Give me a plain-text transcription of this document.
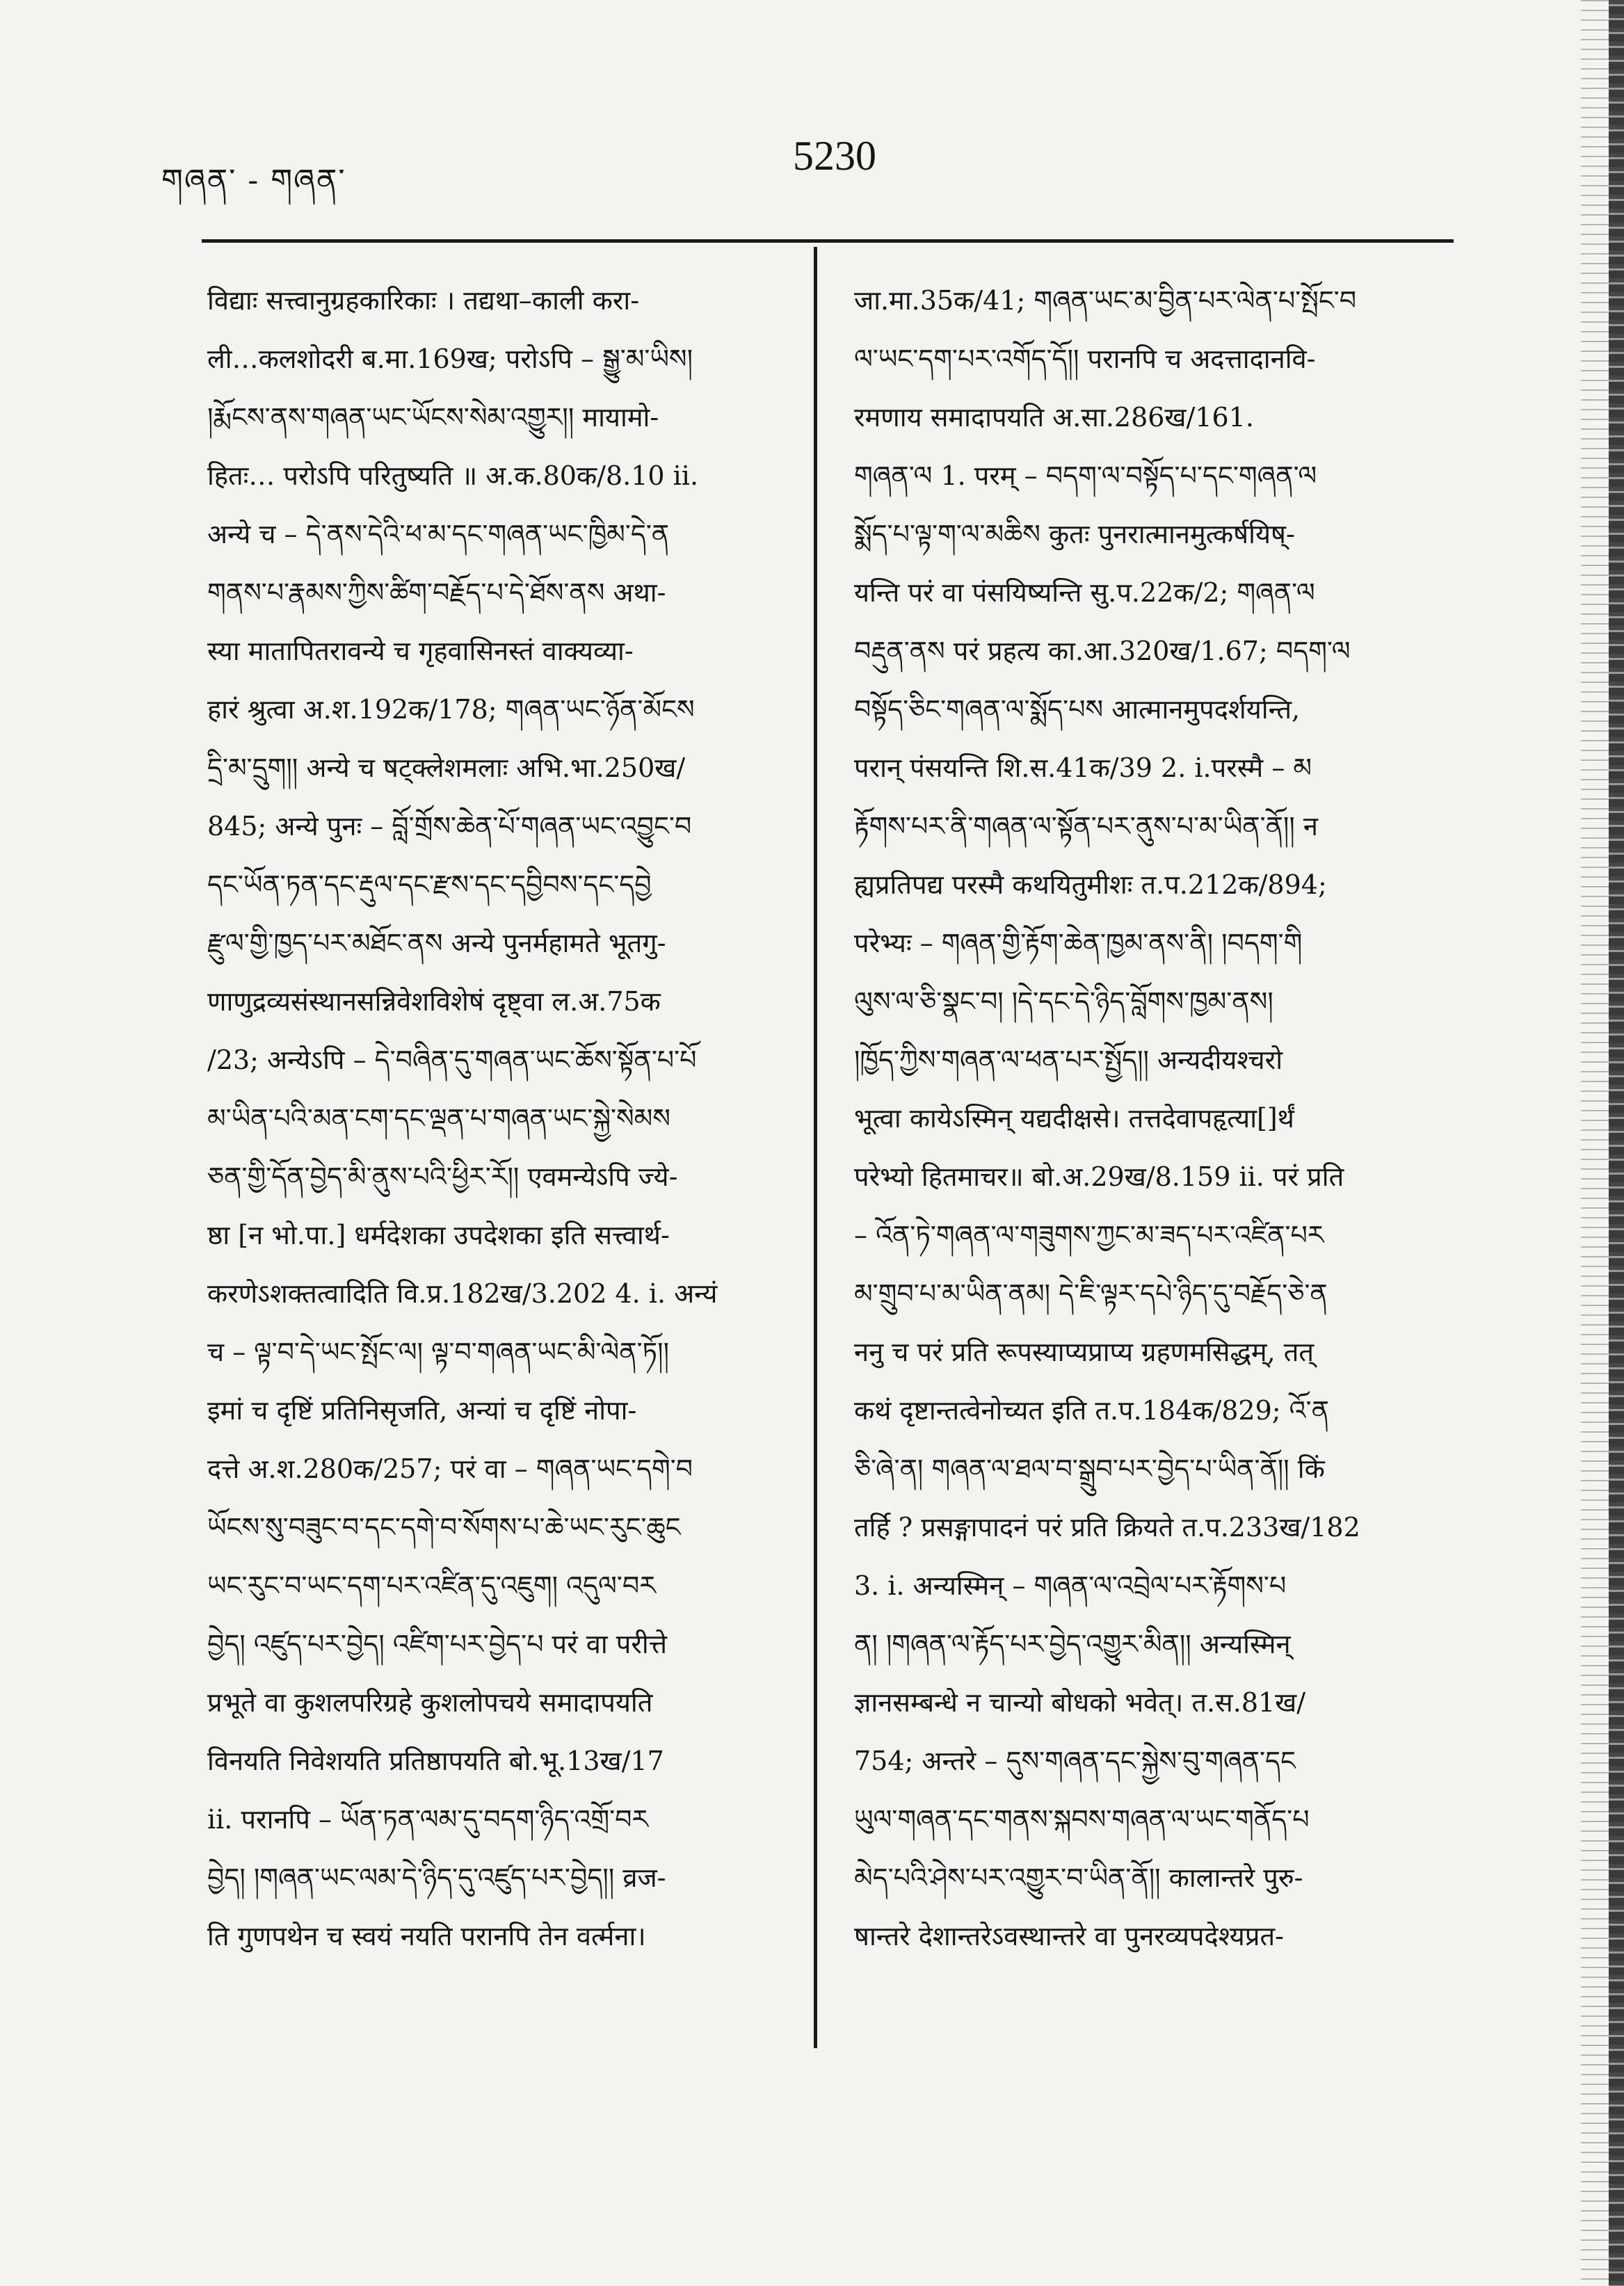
གཞན་ - གཞན་
5230
विद्याः सत्त्वानुग्रहकारिकाः । तद्यथा–काली करा-
ली…कलशोदरी ब.मा.169ख; परोऽपि – སྒྱུ་མ་ཡིས།
།རྨོངས་ནས་གཞན་ཡང་ཡོངས་སེམ་འགྱུར།། मायामो-
हितः… परोऽपि परितुष्यति ॥ अ.क.80क/8.10 ii.
अन्ये च – དེ་ནས་དེའི་ཕ་མ་དང་གཞན་ཡང་ཁྱིམ་དེ་ན
གནས་པ་རྣམས་ཀྱིས་ཚིག་བརྗོད་པ་དེ་ཐོས་ནས अथा-
स्या मातापितरावन्ये च गृहवासिनस्तं वाक्यव्या-
हारं श्रुत्वा अ.श.192क/178; གཞན་ཡང་ཉོན་མོངས
དྲི་མ་དྲུག།། अन्ये च षट्क्लेशमलाः अभि.भा.250ख/
845; अन्ये पुनः – བློ་གྲོས་ཆེན་པོ་གཞན་ཡང་འབྱུང་བ
དང་ཡོན་ཏན་དང་རྡུལ་དང་རྫས་དང་དབྱིབས་དང་དབྱེ
རྫུལ་གྱི་ཁྱད་པར་མཐོང་ནས अन्ये पुनर्महामते भूतगु-
णाणुद्रव्यसंस्थानसन्निवेशविशेषं दृष्ट्वा ल.अ.75क
/23; अन्येऽपि – དེ་བཞིན་དུ་གཞན་ཡང་ཆོས་སྟོན་པ་པོ
མ་ཡིན་པའི་མན་ངག་དང་ལྡན་པ་གཞན་ཡང་སྐྱེ་སེམས
ཅན་གྱི་དོན་བྱེད་མི་ནུས་པའི་ཕྱིར་རོ།། एवमन्येऽपि ज्ये-
ष्ठा [न भो.पा.] धर्मदेशका उपदेशका इति सत्त्वार्थ-
करणेऽशक्तत्वादिति वि.प्र.182ख/3.202 4. i. अन्यं
च – ལྟ་བ་དེ་ཡང་སྤོང་ལ། ལྟ་བ་གཞན་ཡང་མི་ལེན་ཏོ།།
इमां च दृष्टिं प्रतिनिसृजति, अन्यां च दृष्टिं नोपा-
दत्ते अ.श.280क/257; परं वा – གཞན་ཡང་དགེ་བ
ཡོངས་སུ་བཟུང་བ་དང་དགེ་བ་སོགས་པ་ཆེ་ཡང་རུང་ཆུང
ཡང་རུང་བ་ཡང་དག་པར་འཛིན་དུ་འཇུག། འདུལ་བར
བྱེད། འཛུད་པར་བྱེད། འཛིག་པར་བྱེད་པ परं वा परीत्ते
प्रभूते वा कुशलपरिग्रहे कुशलोपचये समादापयति
विनयति निवेशयति प्रतिष्ठापयति बो.भू.13ख/17
ii. परानपि – ཡོན་ཏན་ལམ་དུ་བདག་ཉིད་འགྲོ་བར
བྱེད། །གཞན་ཡང་ལམ་དེ་ཉིད་དུ་འཛུད་པར་བྱེད།། व्रज-
ति गुणपथेन च स्वयं नयति परानपि तेन वर्त्मना।
जा.मा.35क/41; གཞན་ཡང་མ་བྱིན་པར་ལེན་པ་སྤོང་བ
ལ་ཡང་དག་པར་འགོད་དོ།། परानपि च अदत्तादानवि-
रमणाय समादापयति अ.सा.286ख/161.
གཞན་ལ 1. परम् – བདག་ལ་བསྟོད་པ་དང་གཞན་ལ
སྨོད་པ་ལྟ་ག་ལ་མཆིས कुतः पुनरात्मानमुत्कर्षयिष्-
यन्ति परं वा पंसयिष्यन्ति सु.प.22क/2; གཞན་ལ
བརྡུན་ནས परं प्रहत्य का.आ.320ख/1.67; བདག་ལ
བསྟོད་ཅིང་གཞན་ལ་སྨོད་པས आत्मानमुपदर्शयन्ति,
परान् पंसयन्ति शि.स.41क/39 2. i.परस्मै – མ
རྟོགས་པར་ནི་གཞན་ལ་སྟོན་པར་ནུས་པ་མ་ཡིན་ནོ།། न
ह्यप्रतिपद्य परस्मै कथयितुमीशः त.प.212क/894;
परेभ्यः – གཞན་གྱི་རྟོག་ཆེན་ཁྱམ་ནས་ནི། །བདག་གི
ལུས་ལ་ཅི་སྣང་བ། །དེ་དང་དེ་ཉིད་བློགས་ཁྱམ་ནས།
།ཁྱོད་ཀྱིས་གཞན་ལ་ཕན་པར་སྤྱོད།། अन्यदीयश्चरो
भूत्वा कायेऽस्मिन् यद्यदीक्षसे। तत्तदेवापहृत्या[]र्थं
परेभ्यो हितमाचर॥ बो.अ.29ख/8.159 ii. परं प्रति
– འོན་ཏེ་གཞན་ལ་གཟུགས་ཀྱང་མ་ཟད་པར་འཛིན་པར
མ་གྲུབ་པ་མ་ཡིན་ནམ། དེ་ཇི་ལྟར་དཔེ་ཉིད་དུ་བརྗོད་ཅེ་ན
ननु च परं प्रति रूपस्याप्यप्राप्य ग्रहणमसिद्धम्, तत्
कथं दृष्टान्तत्वेनोच्यत इति त.प.184क/829; འོ་ན
ཅི་ཞེ་ན། གཞན་ལ་ཐལ་བ་སྒྲུབ་པར་བྱེད་པ་ཡིན་ནོ།། किं
तर्हि ? प्रसङ्गापादनं परं प्रति क्रियते त.प.233ख/182
3. i. अन्यस्मिन् – གཞན་ལ་འབྲེལ་པར་རྟོགས་པ
ན། །གཞན་ལ་རྟོད་པར་བྱེད་འགྱུར་མིན།། अन्यस्मिन्
ज्ञानसम्बन्धे न चान्यो बोधको भवेत्। त.स.81ख/
754; अन्तरे – དུས་གཞན་དང་སྐྱེས་བུ་གཞན་དང
ཡུལ་གཞན་དང་གནས་སྐབས་གཞན་ལ་ཡང་གནོད་པ
མེད་པའི་ཤེས་པར་འགྱུར་བ་ཡིན་ནོ།། कालान्तरे पुरु-
षान्तरे देशान्तरेऽवस्थान्तरे वा पुनरव्यपदेश्यप्रत-
